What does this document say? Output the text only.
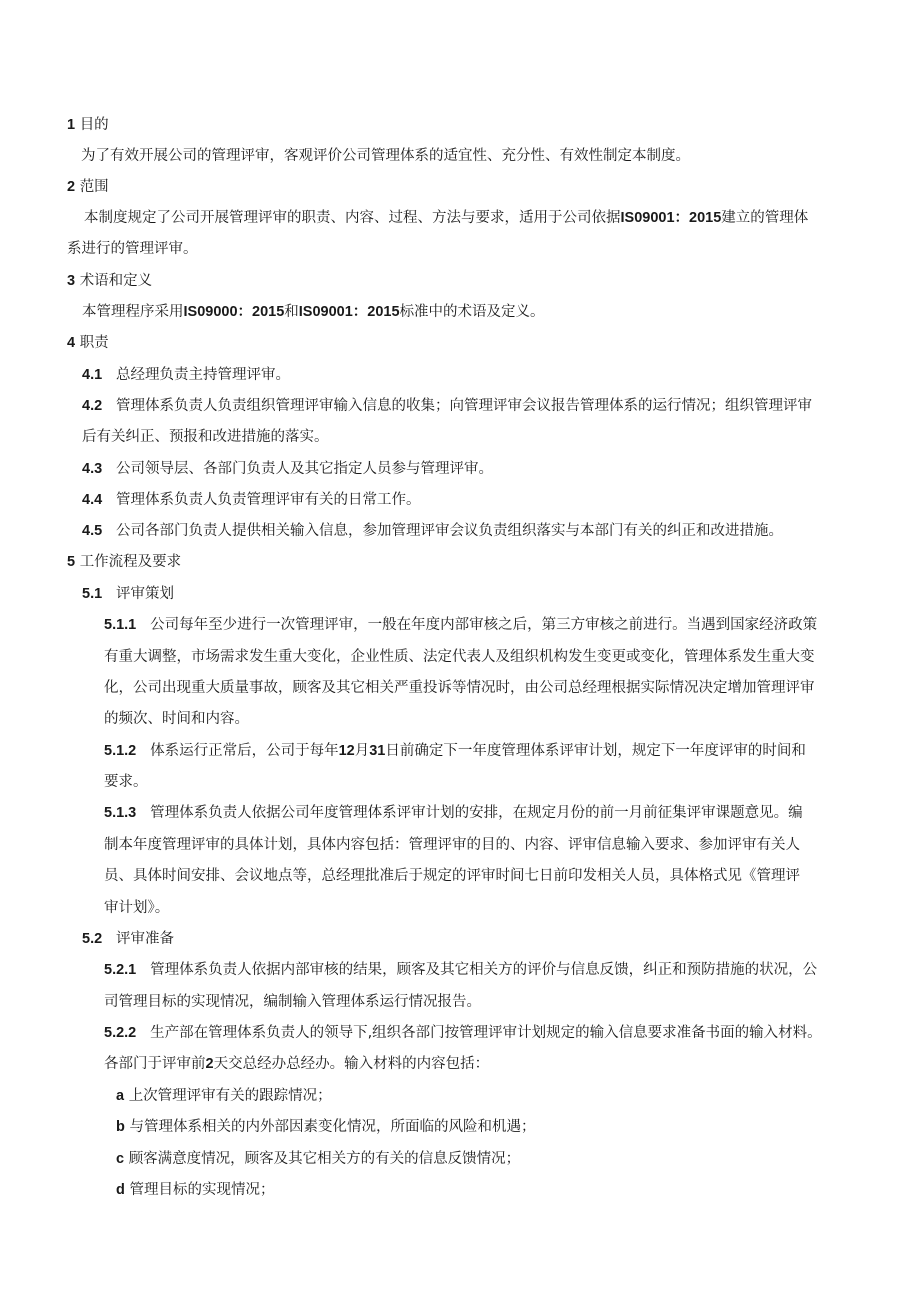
1 目的
为了有效开展公司的管理评审，客观评价公司管理体系的适宜性、充分性、有效性制定本制度。
2 范围
本制度规定了公司开展管理评审的职责、内容、过程、方法与要求，适用于公司依据IS09001：2015建立的管理体
系进行的管理评审。
3 术语和定义
本管理程序采用IS09000：2015和IS09001：2015标准中的术语及定义。
4 职责
4.1 总经理负责主持管理评审。
4.2 管理体系负责人负责组织管理评审输入信息的收集；向管理评审会议报告管理体系的运行情况；组织管理评审
后有关纠正、预报和改进措施的落实。
4.3 公司领导层、各部门负责人及其它指定人员参与管理评审。
4.4 管理体系负责人负责管理评审有关的日常工作。
4.5 公司各部门负责人提供相关输入信息，参加管理评审会议负责组织落实与本部门有关的纠正和改进措施。
5 工作流程及要求
5.1 评审策划
5.1.1 公司每年至少进行一次管理评审，一般在年度内部审核之后，第三方审核之前进行。当遇到国家经济政策
有重大调整，市场需求发生重大变化，企业性质、法定代表人及组织机构发生变更或变化，管理体系发生重大变
化，公司出现重大质量事故，顾客及其它相关严重投诉等情况时，由公司总经理根据实际情况决定增加管理评审
的频次、时间和内容。
5.1.2 体系运行正常后，公司于每年12月31日前确定下一年度管理体系评审计划，规定下一年度评审的时间和
要求。
5.1.3 管理体系负责人依据公司年度管理体系评审计划的安排，在规定月份的前一月前征集评审课题意见。编
制本年度管理评审的具体计划，具体内容包括：管理评审的目的、内容、评审信息输入要求、参加评审有关人
员、具体时间安排、会议地点等，总经理批准后于规定的评审时间七日前印发相关人员，具体格式见《管理评
审计划》。
5.2 评审准备
5.2.1 管理体系负责人依据内部审核的结果，顾客及其它相关方的评价与信息反馈，纠正和预防措施的状况，公
司管理目标的实现情况，编制输入管理体系运行情况报告。
5.2.2 生产部在管理体系负责人的领导下,组织各部门按管理评审计划规定的输入信息要求准备书面的输入材料。
各部门于评审前2天交总经办总经办。输入材料的内容包括：
a 上次管理评审有关的跟踪情况；
b 与管理体系相关的内外部因素变化情况，所面临的风险和机遇；
c 顾客满意度情况，顾客及其它相关方的有关的信息反馈情况；
d 管理目标的实现情况；
